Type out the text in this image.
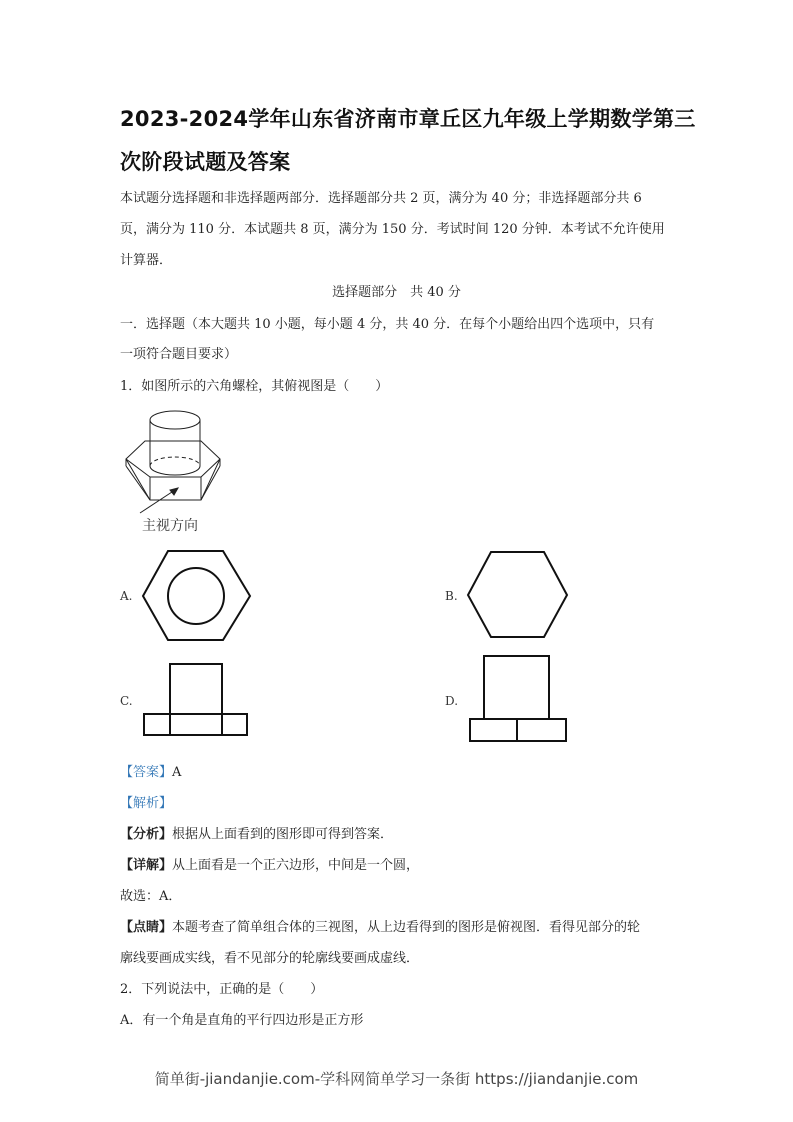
2023-2024学年山东省济南市章丘区九年级上学期数学第三
次阶段试题及答案
本试题分选择题和非选择题两部分．选择题部分共 2 页，满分为 40 分；非选择题部分共 6
页，满分为 110 分．本试题共 8 页，满分为 150 分．考试时间 120 分钟．本考试不允许使用
计算器．
选择题部分　共 40 分
一．选择题（本大题共 10 小题，每小题 4 分，共 40 分．在每个小题给出四个选项中，只有
一项符合题目要求）
1．如图所示的六角螺栓，其俯视图是（　　）
主视方向
A.	B.
C.	D.
【答案】A
【解析】
【分析】根据从上面看到的图形即可得到答案．
【详解】从上面看是一个正六边形，中间是一个圆，
故选：A．
【点睛】本题考查了简单组合体的三视图，从上边看得到的图形是俯视图．看得见部分的轮
廓线要画成实线，看不见部分的轮廓线要画成虚线．
2．下列说法中，正确的是（　　）
A．有一个角是直角的平行四边形是正方形
简单街-jiandanjie.com-学科网简单学习一条街 https://jiandanjie.com
